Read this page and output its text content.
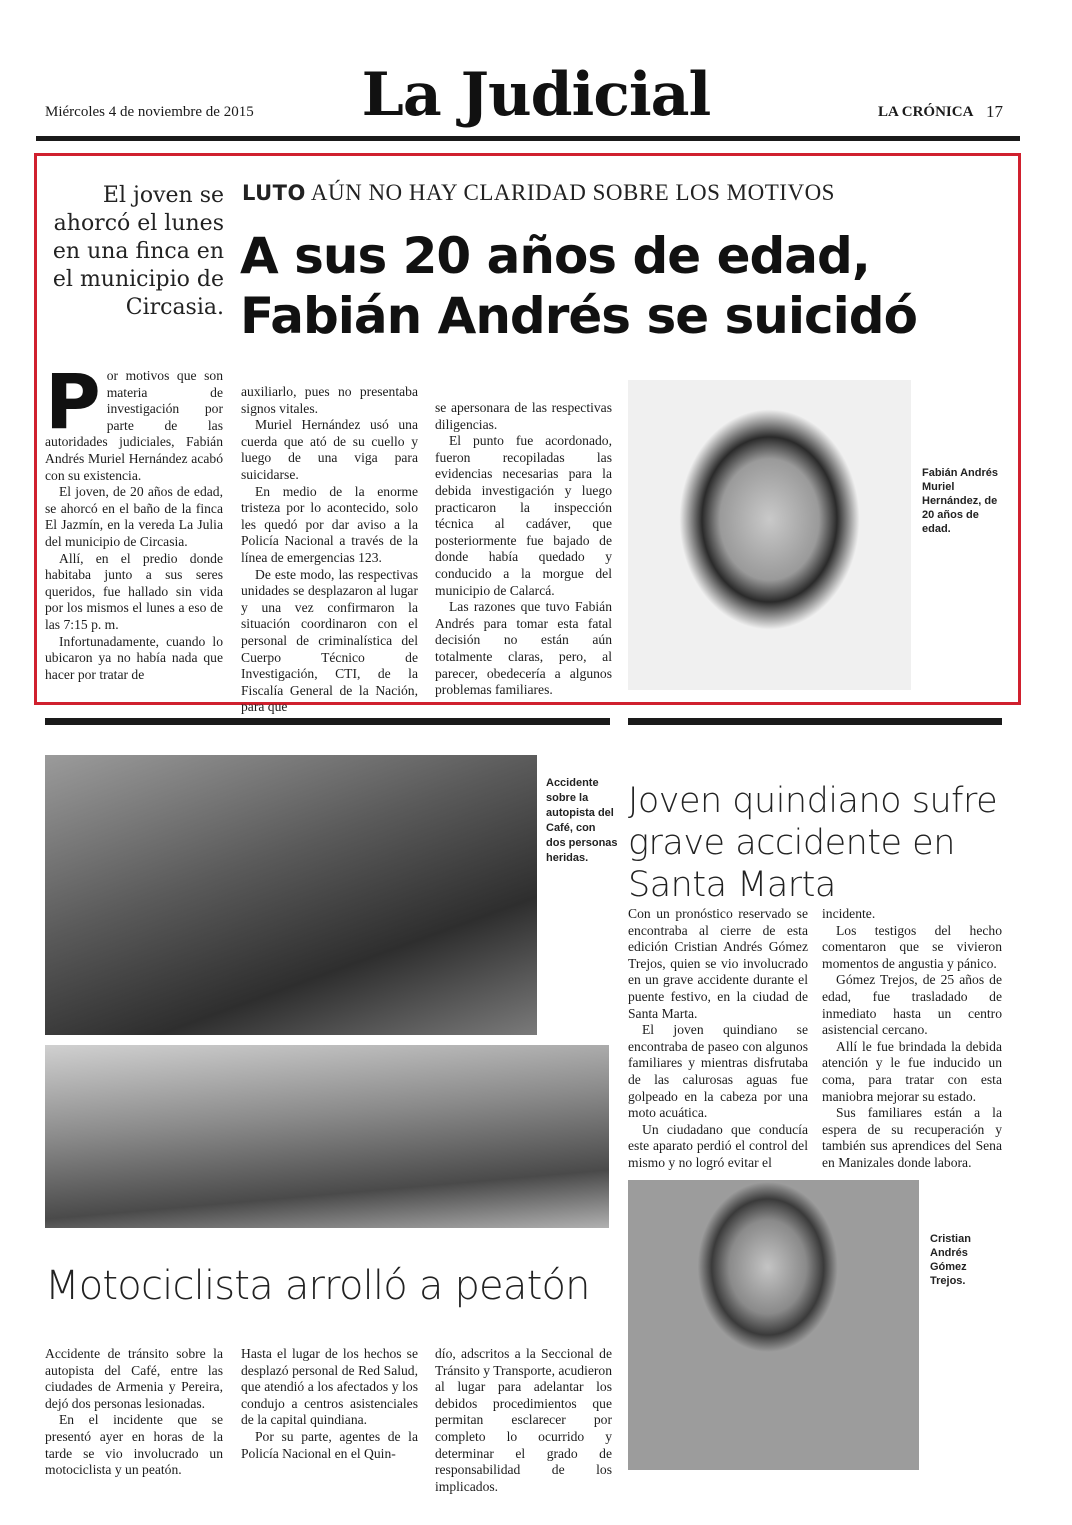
Miércoles 4 de noviembre de 2015	La Judicial	LA CRÓNICA 17
El joven se ahorcó el lunes en una finca en el municipio de Circasia.
LUTO AÚN NO HAY CLARIDAD SOBRE LOS MOTIVOS
A sus 20 años de edad, Fabián Andrés se suicidó

Por motivos que son materia de investigación por parte de las autoridades judiciales, Fabián Andrés Muriel Hernández acabó con su existencia.

El joven, de 20 años de edad, se ahorcó en el baño de la finca El Jazmín, en la vereda La Julia del municipio de Circasia.

Allí, en el predio donde habitaba junto a sus seres queridos, fue hallado sin vida por los mismos el lunes a eso de las 7:15 p. m.

Infortunadamente, cuando lo ubicaron ya no había nada que hacer por tratar de

auxiliarlo, pues no presentaba signos vitales.

Muriel Hernández usó una cuerda que ató de su cuello y luego de una viga para suicidarse.

En medio de la enorme tristeza por lo acontecido, solo les quedó por dar aviso a la Policía Nacional a través de la línea de emergencias 123.

De este modo, las respectivas unidades se desplazaron al lugar y una vez confirmaron la situación coordinaron con el personal de criminalística del Cuerpo Técnico de Investigación, CTI, de la Fiscalía General de la Nación, para que

se apersonara de las respectivas diligencias.

El punto fue acordonado, fueron recopiladas las evidencias necesarias para la debida investigación y luego practicaron la inspección técnica al cadáver, que posteriormente fue bajado de donde había quedado y conducido a la morgue del municipio de Calarcá.

Las razones que tuvo Fabián Andrés para tomar esta fatal decisión no están aún totalmente claras, pero, al parecer, obedecería a algunos problemas familiares.

Fabián Andrés Muriel Hernández, de 20 años de edad.
Accidente sobre la autopista del Café, con dos personas heridas.
Joven quindiano sufre grave accidente en Santa Marta

Con un pronóstico reservado se encontraba al cierre de esta edición Cristian Andrés Gómez Trejos, quien se vio involucrado en un grave accidente durante el puente festivo, en la ciudad de Santa Marta.

El joven quindiano se encontraba de paseo con algunos familiares y mientras disfrutaba de las calurosas aguas fue golpeado en la cabeza por una moto acuática.

Un ciudadano que conducía este aparato perdió el control del mismo y no logró evitar el

incidente.

Los testigos del hecho comentaron que se vivieron momentos de angustia y pánico.

Gómez Trejos, de 25 años de edad, fue trasladado de inmediato hasta un centro asistencial cercano.

Allí le fue brindada la debida atención y le fue inducido un coma, para tratar con esta maniobra mejorar su estado.

Sus familiares están a la espera de su recuperación y también sus aprendices del Sena en Manizales donde labora.

Cristian Andrés Gómez Trejos.
Motociclista arrolló a peatón

Accidente de tránsito sobre la autopista del Café, entre las ciudades de Armenia y Pereira, dejó dos personas lesionadas.

En el incidente que se presentó ayer en horas de la tarde se vio involucrado un motociclista y un peatón.

Hasta el lugar de los hechos se desplazó personal de Red Salud, que atendió a los afectados y los condujo a centros asistenciales de la capital quindiana.

Por su parte, agentes de la Policía Nacional en el Quin-

dío, adscritos a la Seccional de Tránsito y Transporte, acudieron al lugar para adelantar los debidos procedimientos que permitan esclarecer por completo lo ocurrido y determinar el grado de responsabilidad de los implicados.
